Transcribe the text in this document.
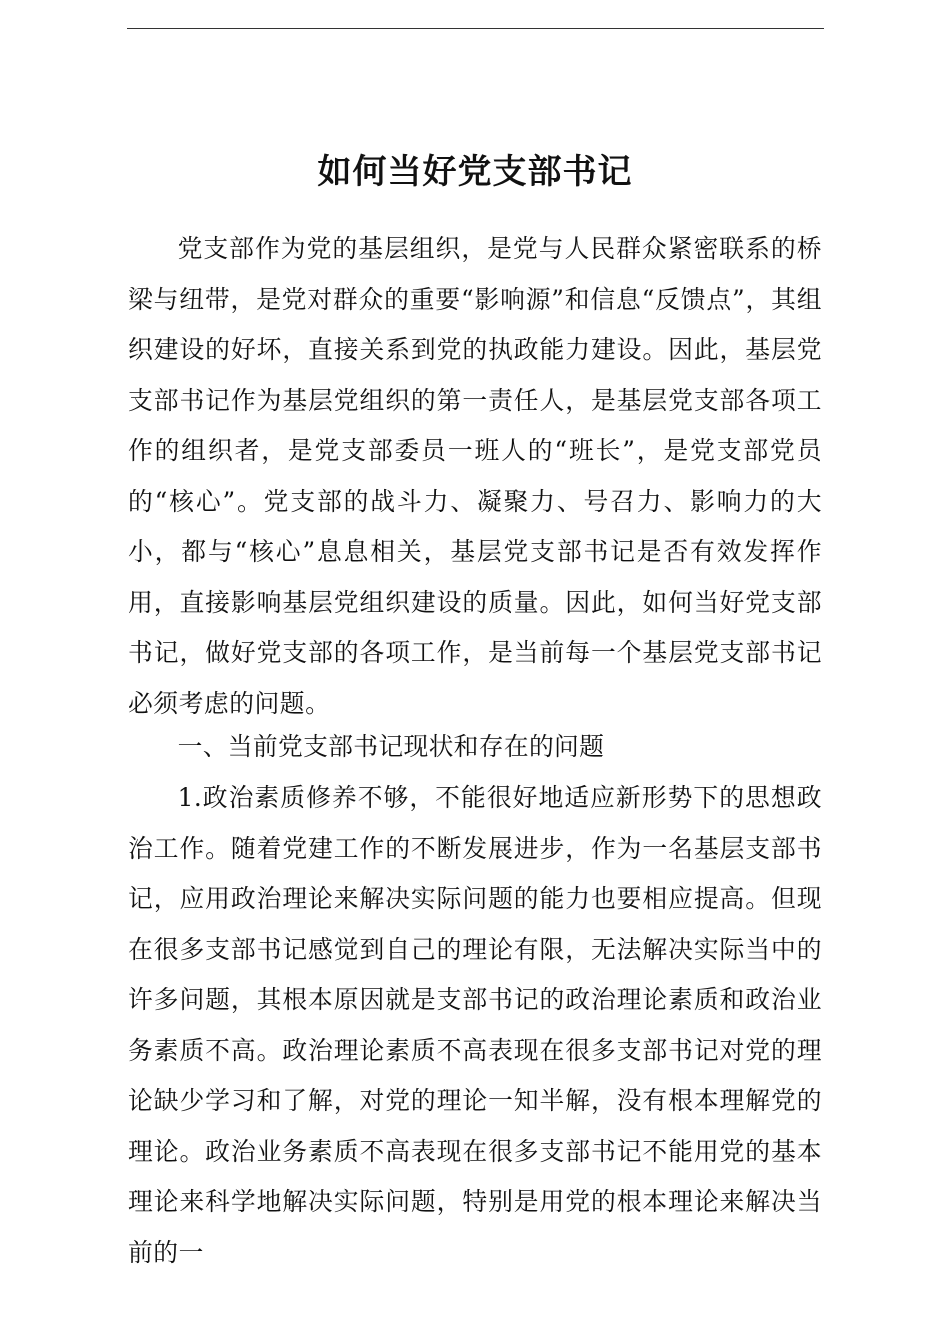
如何当好党支部书记

党支部作为党的基层组织，是党与人民群众紧密联系的桥梁与纽带，是党对群众的重要“影响源”和信息“反馈点”，其组织建设的好坏，直接关系到党的执政能力建设。因此，基层党支部书记作为基层党组织的第一责任人，是基层党支部各项工作的组织者，是党支部委员一班人的“班长”，是党支部党员的“核心”。党支部的战斗力、凝聚力、号召力、影响力的大小，都与“核心”息息相关，基层党支部书记是否有效发挥作用，直接影响基层党组织建设的质量。因此，如何当好党支部书记，做好党支部的各项工作，是当前每一个基层党支部书记必须考虑的问题。

一、当前党支部书记现状和存在的问题

1.政治素质修养不够，不能很好地适应新形势下的思想政治工作。随着党建工作的不断发展进步，作为一名基层支部书记，应用政治理论来解决实际问题的能力也要相应提高。但现在很多支部书记感觉到自己的理论有限，无法解决实际当中的许多问题，其根本原因就是支部书记的政治理论素质和政治业务素质不高。政治理论素质不高表现在很多支部书记对党的理论缺少学习和了解，对党的理论一知半解，没有根本理解党的理论。政治业务素质不高表现在很多支部书记不能用党的基本理论来科学地解决实际问题，特别是用党的根本理论来解决当前的一
